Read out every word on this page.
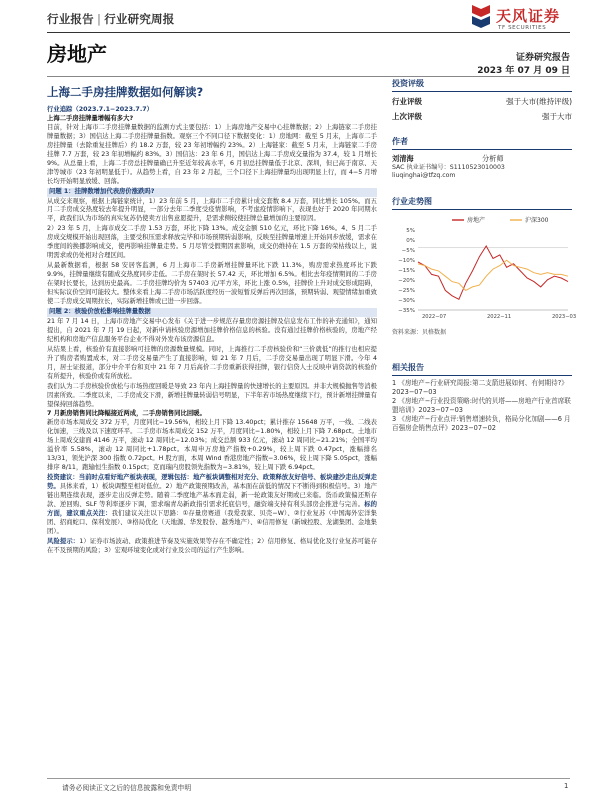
行业报告 | 行业研究周报	天风证券
TF SECURITIES
房地产	证券研究报告
2023 年 07 月 09 日
上海二手房挂牌数据如何解读?
行业追踪（2023.7.1−2023.7.7）
上海二手房挂牌量增幅有多大?
目前，针对上海市二手房挂牌量数据的监测方式主要包括：1）上海房地产交易中心挂牌数据；2）上海链家二手房挂牌量数据；3）国信达上海二手房挂牌量指数。观察三个不同口径下数据变化：1）房地网：截至 5 月末，上海市二手房挂牌量（去除重复挂牌后）约 18.2 万套，较 23 年初增幅约 23%。2）上海链家：截至 5 月末，上海链家二手房挂牌 7.7 万套，较 23 年初增幅约 83%。3）国信达：23 年 6 月，国信达上海二手房成交量指为 37.4，较 1 月增长 9%。从总量上看，上海二手房总挂牌量确已升至近年较高水平，6 月初总挂牌量低于北京、深圳，但已高于南京、天津等城市（23 年初明显低于）。从趋势上看，自 23 年 2 月起，三个口径下上海挂牌量均出现明显上行，而 4−5 月增长均开始明显放缓、回落。
问题 1：挂牌数增加代表房价涨跌吗?
从成交来观察，根据上海链家统计，1）23 年前 5 月，上海市二手房累计成交套数 8.4 万套，同比增长 105%。而五月二手房成交热度较去年提升明显，一部分去年二季度受疫情影响，不考虑疫情影响下，表现也好于 2020 年同期水平，政我们认为市场的真实复苏仍使卖方出售意愿提升，是需求侧较使挂牌总量增加的主要原因。
2）23 年 5 月，上海市成交二手房 1.53 万套，环比下降 13%。成交金额 510 亿元，环比下降 16%。4、5 月二手房成交规模开始出现回落，主要受积压需求释放完毕和市场预期转弱影响，反映至挂牌量增速上开始同步放缓，需求在季度间的换挪影响成交，使再影响挂牌量走势。5 月尽管受假期因素影响，成交仍维持在 1.5 万套的荣枯线以上，说明需求或仍处相对合理区间。
从最新数据看，根据 58 安居客监测，6 月上海市二手房新增挂牌量环比下跌 11.3%，购房需求热度环比下跌 9.9%，挂牌量继续有随成交热度同步走低。二手房在架时长 57.42 天，环比增加 6.5%。相比去年疫情期间的二手房在架时长要长，达到历史最高。二手房挂牌均价为 57403 元/平方米，环比上涨 0.5%，挂牌价上升对成交形成阻碍，但实际议价空间可能较大。整体来看上海二手房市场活跃度经历一波短暂反弹后再次回落，预期转弱、观望情绪加重致使二手房成交周期拉长，实际新增挂牌或已进一步回落。
问题 2：核验价放松影响挂牌量数据
21 年 7 月 14 日，上海市房地产交易中心发布《关于进一步规范存量房房源挂牌及信息发布工作的补充通知》，通知提出，自 2021 年 7 月 19 日起，对新申请核验房源增加挂牌价格信息的核验。没有通过挂牌价格核验的，房地产经纪机构和房地产信息服务平台企业不得对外发布该房源信息。
从结果上看，核验价有直接影响可挂牌的房源数量规模。同时，上海推行二手房核验价和“三价就低”的推行也相应提升了购房者购置成本，对二手房交易量产生了直接影响，如 21 年 7 月后，二手房交易量出现了明显下滑。今年 4 月，居士证报道，部分中介平台和页中 21 年 7 月后高价二手房重新获得挂牌，银行信贷人士反映申请贷款的核验价有所提升，核验价或有所放松。
我们认为二手房核验价放松与市场热度回暖是导致 23 年内上海挂牌量的快速增长的主要原因。并非大规模抛售等消极因素所致。二季度以来，二手房成交下滑，新增挂牌量转弱信号明显，下半年若市场热度继续下行，预计新增挂牌量有望保持回落趋势。
7 月新房销售同比降幅接近两成，二手房销售同比回暖。
新房市场本周成交 372 万平，月度同比−19.56%，相较上月下降 13.40pct；累计推存 15648 万平，一线、二线表化加速，三线及以下速度环平。二手房市场本周成交 152 万平，月度同比−1.80%，相较上月下降 7.68pct。土地市场上周成交建面 4146 万平，滚动 12 周同比−12.03%；成交总额 933 亿元，滚动 12 周同比−21.21%；全国平均溢价率 5.58%，滚动 12 周同比+1.78pct。本周申万房地产指数+0.29%，较上周下跌 0.47pct，涨幅排名 13/31，领先沪深 300 指数 0.72pct。H 股方面，本周 Wind 香港房地产指数−3.06%，较上周下降 5.05pct，涨幅排序 8/11，跑输恒生指数 0.15pct；克而瑞内房股领先指数为−3.81%，较上周下跌 6.94pct。
投资建议：当前时点看好地产板块表现，逻辑包括：地产板块调整相对充分、政策释放友好信号、板块建沙走出反弹走势。具体来看，1）板块调整至相对低位。2）地产政策预期改善，基本面在前低的情况下不断得到积极信号。3）地产链出期连续表现，逐步走出反弹走势。随着二季度地产基本面走弱，新一轮政策友好期或已来临。货币政策偏还斯存款、逆回购、SLF 等利率逐步下调，需求端青岛新政指引需求托底信号，融资端支持有利头部房企推进与完善。标的方面，建议重点关注：我们建议关注以下思路：①存量房赛道（我爱我家、贝壳−W）、②行业复苏（中国海外宏洋集团、招商蛇口、保利发展）、③格局优化（天地源、华发股份、越秀地产）、④信用修复（新城控股、龙湖集团、金地集团）。
风险提示：1）证券市场波动、政策推进节奏及实施效果等存在不确定性；2）信用修复、格局优化及行业复苏可能存在不及预期的风险；3）宏观环境变化或对行业及公司的运行产生影响。
投资评级
行业评级	强于大市(维持评级)
上次评级	强于大市
作者
刘清海	分析师
SAC 执业证书编号：S1110523010003
liuqinghai@tfzq.com
行业走势图
5%
0%
−5%
−10%
−15%
−20%
−25%
−30%
−35%
2022−07	2022−11	2023−03
房地产	沪深300
资料来源：贝格数据
相关报告
1 《房地产−行业研究周报:第二支箭进展如何、有何期待?》 2023−07−03
2 《房地产−行业投资策略:时代的贝塔——房地产行业首席联盟培训》2023−07−03
3 《房地产−行业点评:销售增速转负，格局分化加剧——6 月百强房企销售点评》2023−07−02
请务必阅读正文之后的信息披露和免责申明	1
